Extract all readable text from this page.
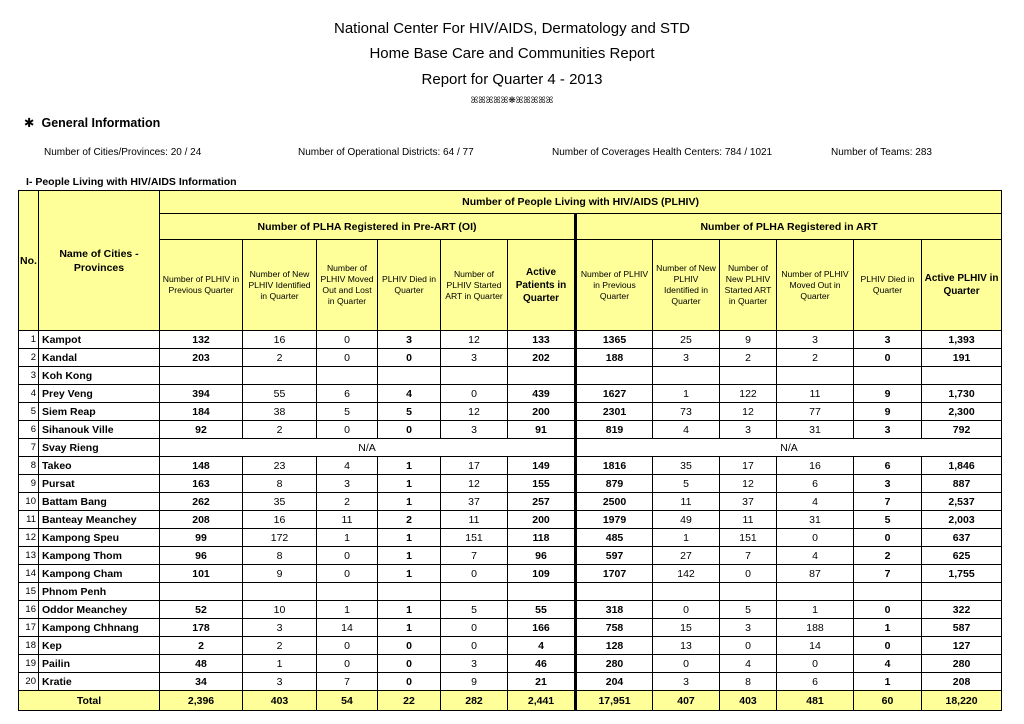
National Center For HIV/AIDS, Dermatology and STD
Home Base Care and Communities Report
Report for Quarter 4 - 2013
ꕤꕤꕤꕤꕤ❋ꕤꕤꕤꕤꕤ
✱ General Information
Number of Cities/Provinces: 20 / 24	Number of Operational Districts: 64 / 77	Number of Coverages Health Centers: 784 / 1021	Number of Teams: 283
I- People Living with HIV/AIDS Information
No.	Name of Cities - Provinces	Number of People Living with HIV/AIDS (PLHIV)											
		Number of PLHA Registered in Pre-ART (OI)						Number of PLHA Registered in ART					
		Number of PLHIV in Previous Quarter	Number of New PLHIV Identified in Quarter	Number of PLHIV Moved Out and Lost in Quarter	PLHIV Died in Quarter	Number of PLHIV Started ART in Quarter	Active Patients in Quarter	Number of PLHIV in Previous Quarter	Number of New PLHIV Identified in Quarter	Number of New PLHIV Started ART in Quarter	Number of PLHIV Moved Out in Quarter	PLHIV Died in Quarter	Active PLHIV in Quarter
1	Kampot	132	16	0	3	12	133	1365	25	9	3	3	1,393
2	Kandal	203	2	0	0	3	202	188	3	2	2	0	191
3	Koh Kong												
4	Prey Veng	394	55	6	4	0	439	1627	1	122	11	9	1,730
5	Siem Reap	184	38	5	5	12	200	2301	73	12	77	9	2,300
6	Sihanouk Ville	92	2	0	0	3	91	819	4	3	31	3	792
7	Svay Rieng	N/A						N/A					
8	Takeo	148	23	4	1	17	149	1816	35	17	16	6	1,846
9	Pursat	163	8	3	1	12	155	879	5	12	6	3	887
10	Battam Bang	262	35	2	1	37	257	2500	11	37	4	7	2,537
11	Banteay Meanchey	208	16	11	2	11	200	1979	49	11	31	5	2,003
12	Kampong Speu	99	172	1	1	151	118	485	1	151	0	0	637
13	Kampong Thom	96	8	0	1	7	96	597	27	7	4	2	625
14	Kampong Cham	101	9	0	1	0	109	1707	142	0	87	7	1,755
15	Phnom Penh												
16	Oddor Meanchey	52	10	1	1	5	55	318	0	5	1	0	322
17	Kampong Chhnang	178	3	14	1	0	166	758	15	3	188	1	587
18	Kep	2	2	0	0	0	4	128	13	0	14	0	127
19	Pailin	48	1	0	0	3	46	280	0	4	0	4	280
20	Kratie	34	3	7	0	9	21	204	3	8	6	1	208
Total		2,396	403	54	22	282	2,441	17,951	407	403	481	60	18,220
